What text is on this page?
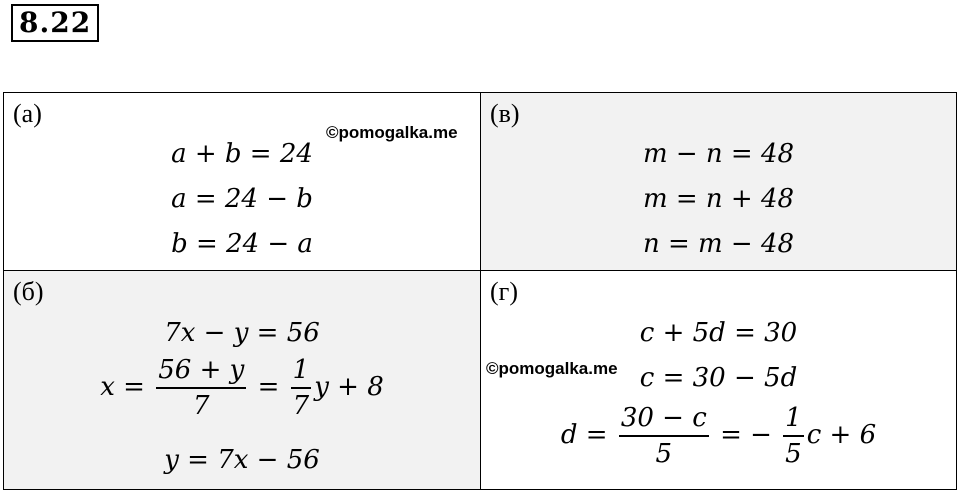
8.22
(а)
a + b = 24
a = 24 − b
b = 24 − a
©pomogalka.me
(в)
m − n = 48
m = n + 48
n = m − 48
(б)
7x − y = 56
$x = \frac{56 + y}{7} = \frac{1}{7}$ y + 8
y = 7x − 56
(г)
c + 5d = 30
c = 30 − 5d
$d = \frac{30 - c}{5}$ = − $\frac{1}{5}$ c + 6
©pomogalka.me
